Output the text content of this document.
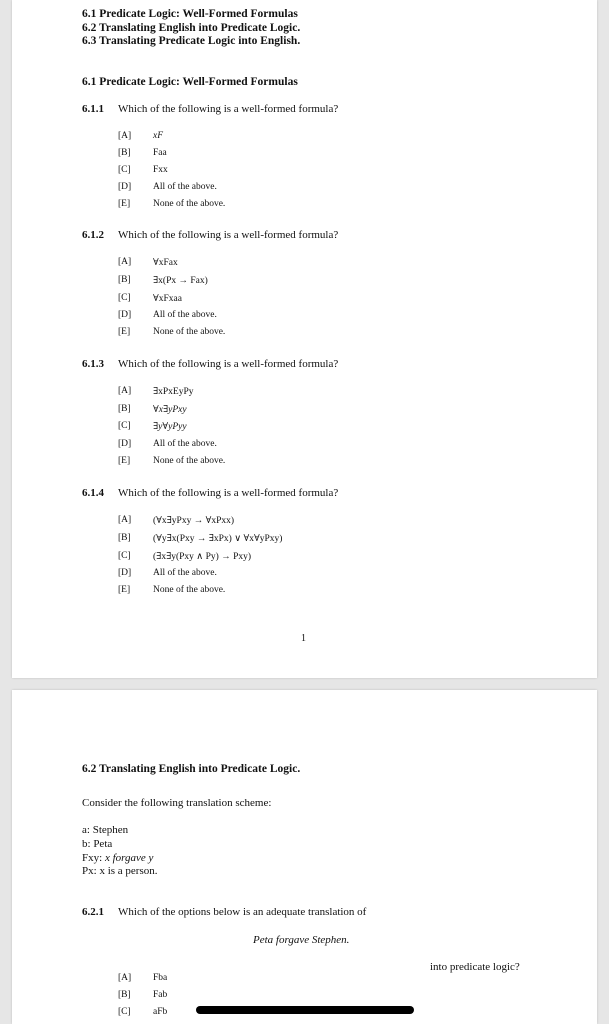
6.1 Predicate Logic: Well-Formed Formulas
6.2 Translating English into Predicate Logic.
6.3 Translating Predicate Logic into English.
6.1 Predicate Logic: Well-Formed Formulas
6.1.1 Which of the following is a well-formed formula?
[A] xF
[B] Faa
[C] Fxx
[D] All of the above.
[E] None of the above.
6.1.2 Which of the following is a well-formed formula?
[A] ∀xFax
[B] ∃x(Px → Fax)
[C] ∀xFxaa
[D] All of the above.
[E] None of the above.
6.1.3 Which of the following is a well-formed formula?
[A] ∃xPxEyPy
[B] ∀x∃yPxy
[C] ∃y∀yPyy
[D] All of the above.
[E] None of the above.
6.1.4 Which of the following is a well-formed formula?
[A] (∀x∃yPxy → ∀xPxx)
[B] (∀y∃x(Pxy → ∃xPx) ∨ ∀x∀yPxy)
[C] (∃x∃y(Pxy ∧ Py) → Pxy)
[D] All of the above.
[E] None of the above.
1
6.2 Translating English into Predicate Logic.
Consider the following translation scheme:
a: Stephen
b: Peta
Fxy: x forgave y
Px: x is a person.
6.2.1 Which of the options below is an adequate translation of
Peta forgave Stephen.
into predicate logic?
[A] Fba
[B] Fab
[C] aFb
